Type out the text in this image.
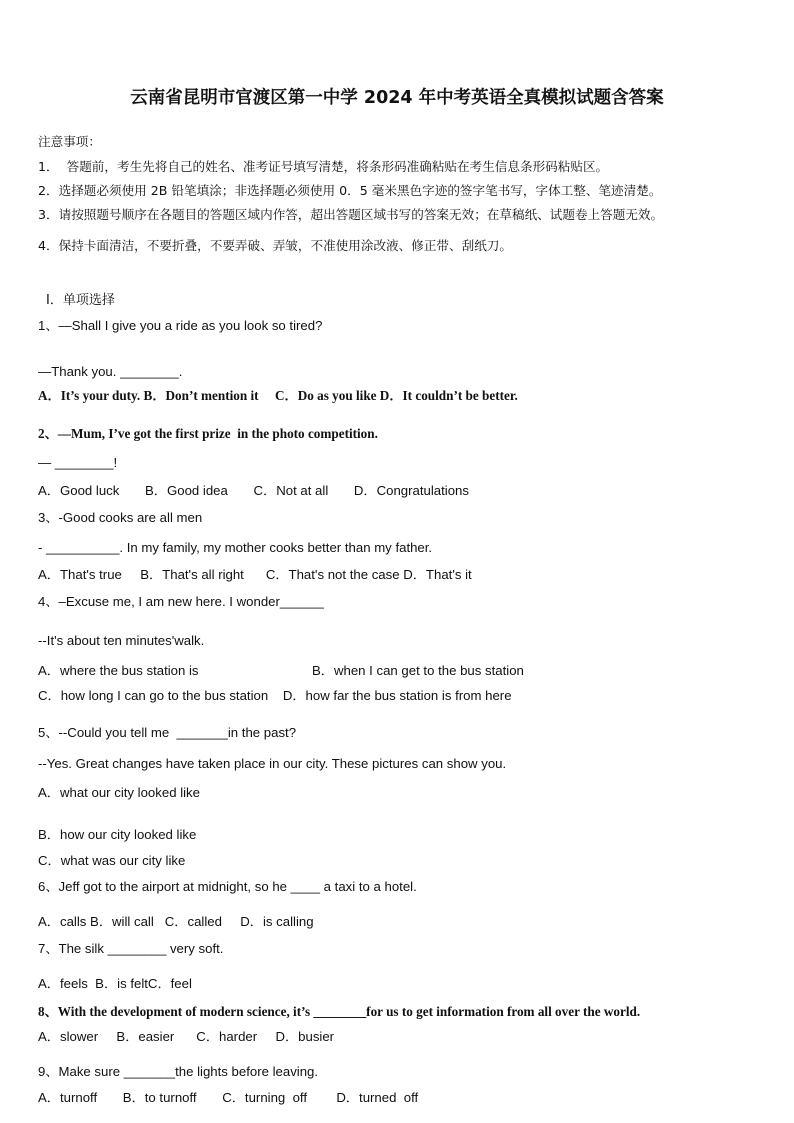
云南省昆明市官渡区第一中学 2024 年中考英语全真模拟试题含答案
注意事项：
1．  答题前，考生先将自己的姓名、准考证号填写清楚，将条形码准确粘贴在考生信息条形码粘贴区。
2．选择题必须使用 2B 铅笔填涂；非选择题必须使用 0．5 毫米黑色字迹的签字笔书写，字体工整、笔迹清楚。
3．请按照题号顺序在各题目的答题区域内作答，超出答题区域书写的答案无效；在草稿纸、试题卷上答题无效。
4．保持卡面清洁，不要折叠，不要弄破、弄皱，不准使用涂改液、修正带、刮纸刀。
Ⅰ．单项选择
1、—Shall I give you a ride as you look so tired?
—Thank you. ________.
A．It’s your duty. B．Don’t mention it     C．Do as you like D．It couldn’t be better.
2、—Mum, I’ve got the first prize  in the photo competition.
— ________!
A．Good luck       B．Good idea       C．Not at all       D．Congratulations
3、-Good cooks are all men
- __________. In my family, my mother cooks better than my father.
A．That's true     B．That's all right      C．That's not the case D．That's it
4、–Excuse me, I am new here. I wonder______
--It's about ten minutes'walk.
A．where the bus station is	B．when I can get to the bus station
C．how long I can go to the bus station    D．how far the bus station is from here
5、--Could you tell me  _______in the past?
--Yes. Great changes have taken place in our city. These pictures can show you.
A．what our city looked like
B．how our city looked like
C．what was our city like
6、Jeff got to the airport at midnight, so he ____ a taxi to a hotel.
A．calls B．will call   C．called     D．is calling
7、The silk ________ very soft.
A．feels  B．is feltC．feel
8、With the development of modern science, it’s ________for us to get information from all over the world.
A．slower     B．easier      C．harder     D．busier
9、Make sure _______the lights before leaving.
A．turnoff       B．to turnoff       C．turning  off        D．turned  off
